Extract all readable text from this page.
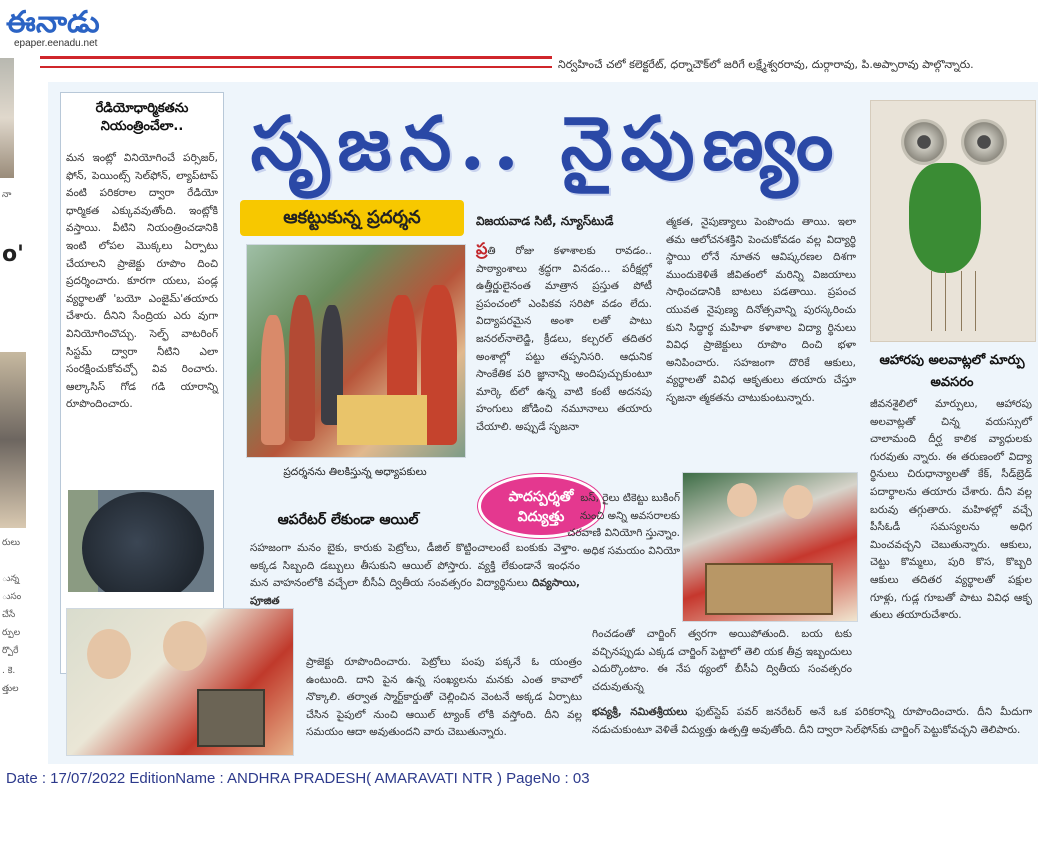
ఈనాడు
epaper.eenadu.net
నిర్వహించే చలో కలెక్టరేట్, ధర్నాచౌక్‌లో జరిగే లక్ష్మేశ్వరరావు, దుర్గారావు, పి.అప్పారావు పాల్గొన్నారు.
నా
o'
రులు
ున్న
ుసం
చేసే
ర్పుల
ర్పొరే
. కె.
త్తుల
రేడియోధార్మికతను నియంత్రించేలా..
మన ఇంట్లో వినియోగించే పర్సిజర్, ఫోన్, పెయింట్స్ సెల్‌ఫోన్, ల్యాప్‌టాప్ వంటి పరికరాల ద్వారా రేడియో ధార్మికత ఎక్కువవుతోంది. ఇంట్లోకి వస్తాయి. వీటిని నియంత్రించడానికి ఇంటి లోపల మొక్కలు ఏర్పాటు చేయాలని ప్రాజెక్టు రూపొం దించి ప్రదర్శించారు. కూరగా యలు, పండ్ల వ్యర్థాలతో 'బయో ఎంజైమ్'తయారు చేశారు. దీనిని సేంద్రియ ఎరు వుగా వినియోగించొచ్చు. సెల్ఫ్ వాటరింగ్ సిస్టమ్ ద్వారా నీటిని ఎలా సంరక్షించుకోవచ్చో వివ రించారు. ఆల్కాసిస్ గోడ గడి యారాన్ని రూపొందించారు.
సృజన.. నైపుణ్యం
ఆకట్టుకున్న ప్రదర్శన
ప్రదర్శనను తిలకిస్తున్న అధ్యాపకులు
విజయవాడ సిటీ, న్యూస్‌టుడే
ప్రతి రోజు కళాశాలకు రావడం.. పాఠ్యాంశాలు శ్రద్ధగా వినడం... పరీక్షల్లో ఉత్తీర్ణులైనంత మాత్రాన ప్రస్తుత పోటీ ప్రపంచంలో ఎంపికవ సరిపో వడం లేదు. విద్యాపరమైన అంశా లతో పాటు జనరల్‌నాలెడ్జి, క్రీడలు, కల్చరల్ తదితర అంశాల్లో పట్టు తప్పనిసరి. ఆధునిక సాంకేతిక పరి జ్ఞానాన్ని అందిపుచ్చుకుంటూ మార్కె ట్‌లో ఉన్న వాటి కంటే అదనపు హంగులు జోడించి నమూనాలు తయారు చేయాలి. అప్పుడే సృజనా
త్మకత, నైపుణ్యాలు పెంపొందు తాయి. ఇలా తమ ఆలోచనశక్తిని పెంచుకోవడం వల్ల విద్యార్థి స్థాయి లోనే నూతన ఆవిష్కరణల దిశగా ముందుకెళితే జీవితంలో మరిన్ని విజయాలు సాధించడానికి బాటలు పడతాయి. ప్రపంచ యువత నైపుణ్య దినోత్సవాన్ని పురస్కరించు కుని సిద్ధార్థ మహిళా కళాశాల విద్యా ర్థినులు వివిధ ప్రాజెక్టులు రూపొం దించి భళా అనిపించారు. సహజంగా దొరికే ఆకులు, వ్యర్థాలతో వివిధ ఆకృతులు తయారు చేస్తూ సృజనా త్మకతను చాటుకుంటున్నారు.
పాదస్పర్శతో
విద్యుత్తు
బస్, రైలు టికెట్టు బుకింగ్ నుంచి అన్ని అవసరాలకు చరవాణి వినియోగి స్తున్నాం. అధిక సమయం వినియో
ఆపరేటర్ లేకుండా ఆయిల్
సహజంగా మనం బైకు, కారుకు పెట్రోలు, డీజిల్ కొట్టించాలంటే బంకుకు వెళ్తాం. అక్కడ సిబ్బంది డబ్బులు తీసుకుని ఆయిల్ పోస్తారు. వ్యక్తి లేకుండానే ఇంధనం మన వాహనంలోకి వచ్చేలా బీసీఏ ద్వితీయ సంవత్సరం విద్యార్థినులు దివ్యసాయి, పూజిత
ప్రాజెక్టు రూపొందించారు. పెట్రోలు పంపు పక్కనే ఓ యంత్రం ఉంటుంది. దాని పైన ఉన్న సంఖ్యలను మనకు ఎంత కావాలో నొక్కాలి. తర్వాత స్మార్ట్‌కార్డుతో చెల్లించిన వెంటనే అక్కడ ఏర్పాటు చేసిన పైపులో నుంచి ఆయిల్ ట్యాంక్ లోకి వస్తోంది. దీని వల్ల సమయం ఆదా అవుతుందని వారు చెబుతున్నారు.
గించడంతో చార్జింగ్ త్వరగా అయిపోతుంది. బయ టకు వచ్చినప్పుడు ఎక్కడ చార్జింగ్ పెట్టాలో తెలి యక తీవ్ర ఇబ్బందులు ఎదుర్కొంటాం. ఈ నేప థ్యంలో బీసీఏ ద్వితీయ సంవత్సరం చదువుతున్న
భవ్యశ్రీ, నమితశ్రీయలు ఫుట్‌స్టెప్ పవర్ జనరేటర్ అనే ఒక పరికరాన్ని రూపొందించారు. దీని మీదుగా నడుచుకుంటూ వెళితే విద్యుత్తు ఉత్పత్తి అవుతోంది. దీని ద్వారా సెల్‌ఫోన్‌కు చార్జింగ్ పెట్టుకోవచ్చని తెలిపారు.
ఆహారపు అలవాట్లలో మార్పు అవసరం
జీవనశైలిలో మార్పులు, ఆహారపు అలవాట్లతో చిన్న వయస్సులో చాలామంది దీర్ఘ కాలిక వ్యాధులకు గురవుతు న్నారు. ఈ తరుణంలో విద్యా ర్థినులు చిరుధాన్యాలతో కేక్, సీడ్‌బ్రెడ్ పదార్థాలను తయారు చేశారు. దీని వల్ల బరువు తగ్గుతారు. మహిళల్లో వచ్చే పీసీఓడీ సమస్యలను అధిగ మించవచ్చని చెబుతున్నారు. ఆకులు, చెట్టు కొమ్మలు, పురి కొస, కొబ్బరి ఆకులు తదితర వ్యర్థాలతో పక్షుల గూళ్లు, గుడ్ల గూబతో పాటు వివిధ ఆకృ తులు తయారుచేశారు.
Date : 17/07/2022 EditionName : ANDHRA PRADESH( AMARAVATI NTR ) PageNo : 03
